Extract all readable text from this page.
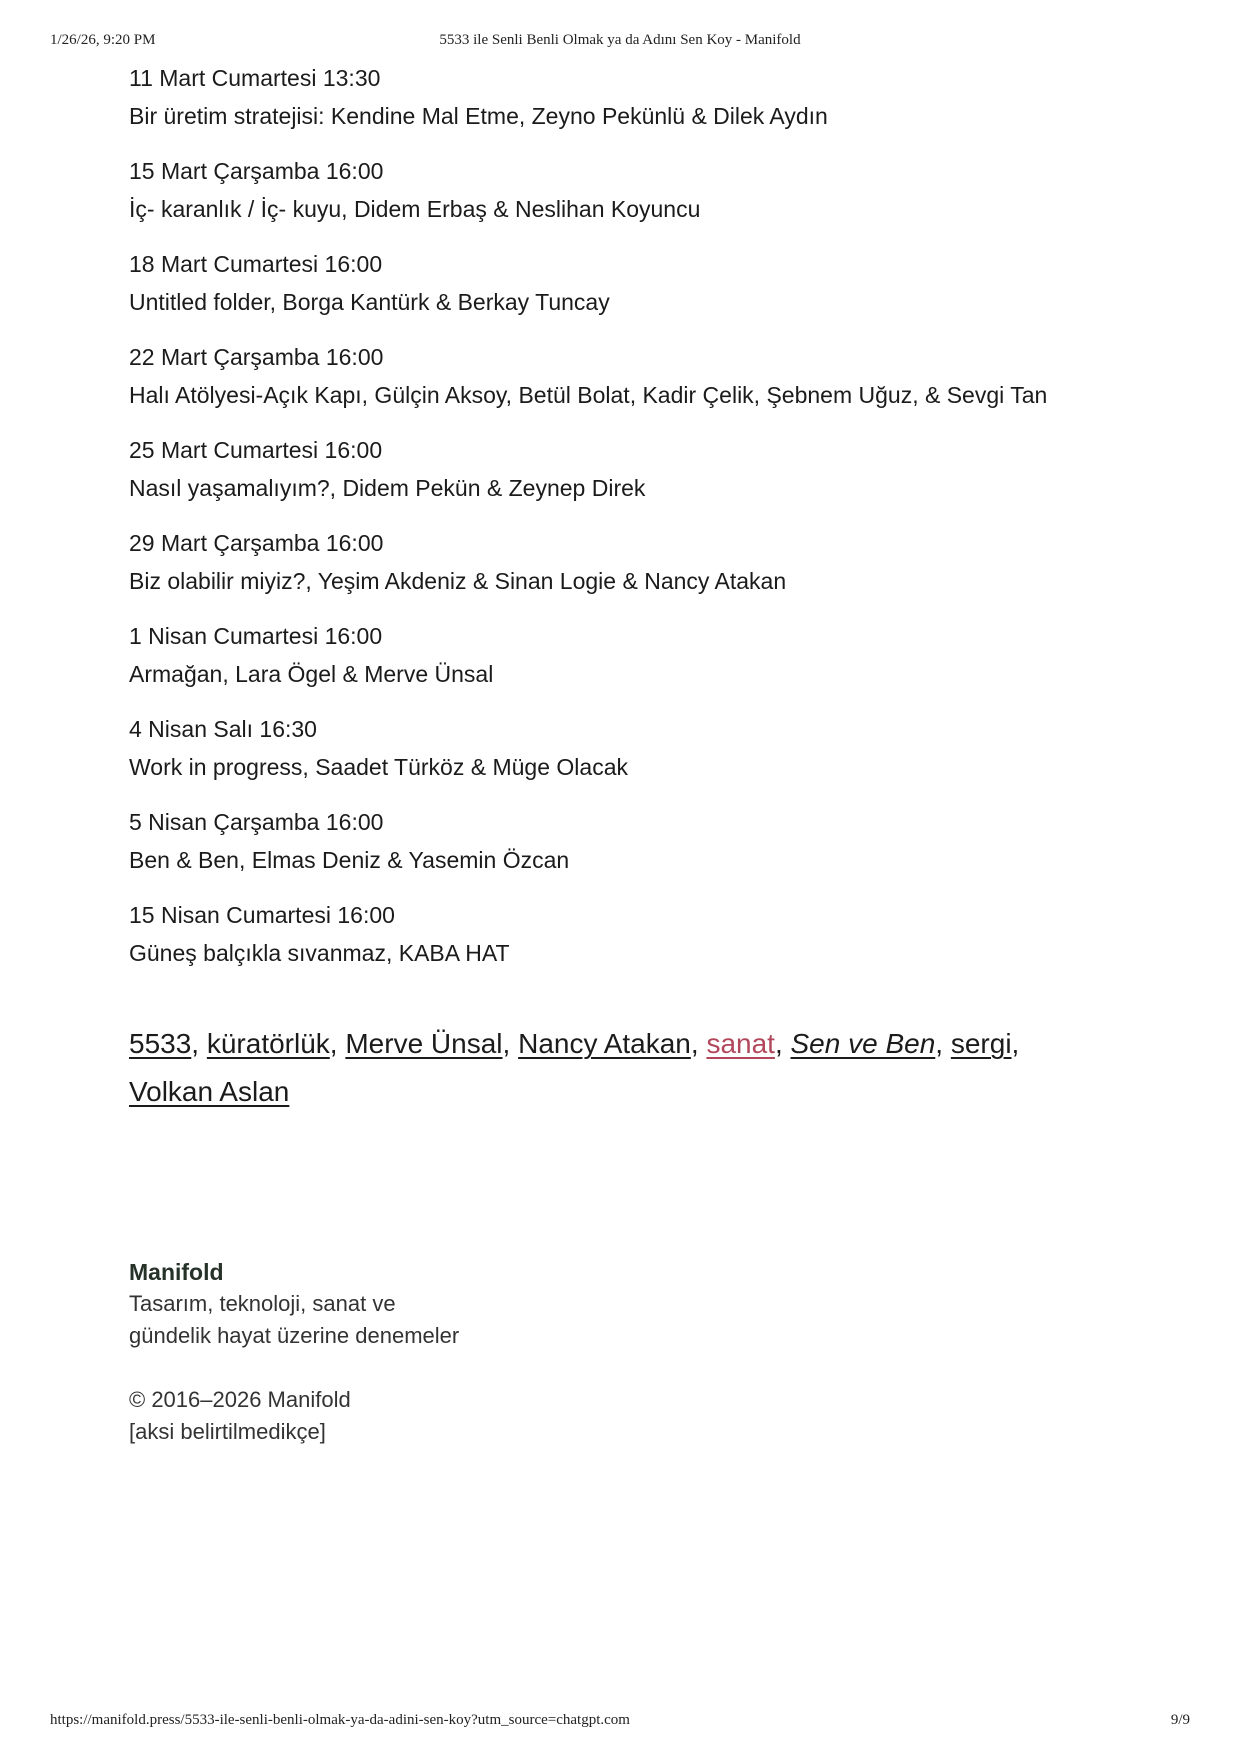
1/26/26, 9:20 PM	5533 ile Senli Benli Olmak ya da Adını Sen Koy - Manifold
11 Mart Cumartesi 13:30
Bir üretim stratejisi: Kendine Mal Etme, Zeyno Pekünlü & Dilek Aydın
15 Mart Çarşamba 16:00
İç- karanlık / İç- kuyu, Didem Erbaş & Neslihan Koyuncu
18 Mart Cumartesi 16:00
Untitled folder, Borga Kantürk & Berkay Tuncay
22 Mart Çarşamba 16:00
Halı Atölyesi-Açık Kapı, Gülçin Aksoy, Betül Bolat, Kadir Çelik, Şebnem Uğuz, & Sevgi Tan
25 Mart Cumartesi 16:00
Nasıl yaşamalıyım?, Didem Pekün & Zeynep Direk
29 Mart Çarşamba 16:00
Biz olabilir miyiz?, Yeşim Akdeniz & Sinan Logie & Nancy Atakan
1 Nisan Cumartesi 16:00
Armağan, Lara Ögel & Merve Ünsal
4 Nisan Salı 16:30
Work in progress, Saadet Türköz & Müge Olacak
5 Nisan Çarşamba 16:00
Ben & Ben, Elmas Deniz & Yasemin Özcan
15 Nisan Cumartesi 16:00
Güneş balçıkla sıvanmaz, KABA HAT
5533, küratörlük, Merve Ünsal, Nancy Atakan, sanat, Sen ve Ben, sergi, Volkan Aslan
Manifold
Tasarım, teknoloji, sanat ve
gündelik hayat üzerine denemeler
© 2016–2026 Manifold
[aksi belirtilmedikçe]
https://manifold.press/5533-ile-senli-benli-olmak-ya-da-adini-sen-koy?utm_source=chatgpt.com	9/9
